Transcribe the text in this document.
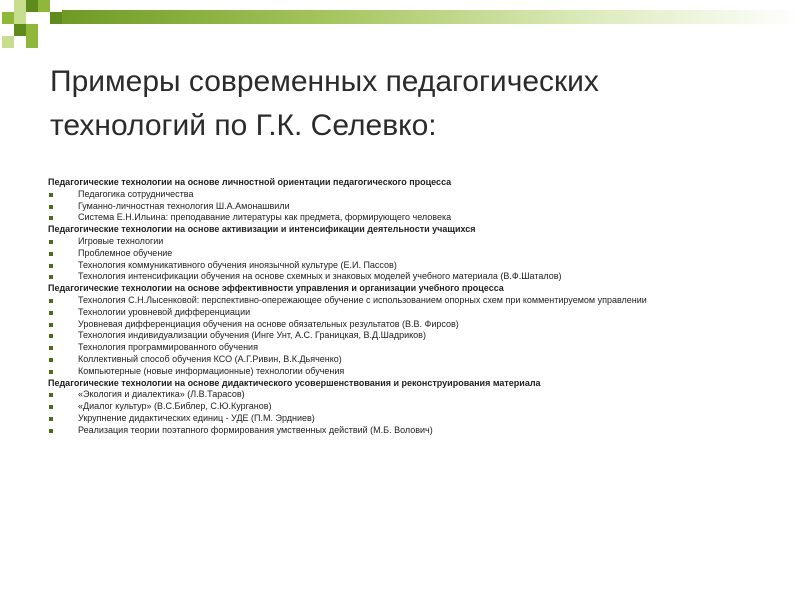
Примеры современных педагогических технологий по Г.К. Селевко:

Педагогические технологии на основе личностной ориентации педагогического процесса

Педагогика сотрудничества
Гуманно-личностная технология Ш.А.Амонашвили
Система Е.Н.Ильина: преподавание литературы как предмета, формирующего человека

Педагогические технологии на основе активизации и интенсификации деятельности учащихся

Игровые технологии
Проблемное обучение
Технология коммуникативного обучения иноязычной культуре (Е.И. Пассов)
Технология интенсификации обучения на основе схемных и знаковых моделей учебного материала (В.Ф.Шаталов)

Педагогические технологии на основе эффективности управления и организации учебного процесса

Технология С.Н.Лысенковой: перспективно-опережающее обучение с использованием опорных схем при комментируемом управлении
Технологии уровневой дифференциации
Уровневая дифференциация обучения на основе обязательных результатов (В.В. Фирсов)
Технология индивидуализации обучения (Инге Унт, А.С. Границкая, В.Д.Шадриков)
Технология программированного обучения
Коллективный способ обучения КСО (А.Г.Ривин, В.К.Дьяченко)
Компьютерные (новые информационные) технологии обучения

Педагогические технологии на основе дидактического усовершенствования и реконструирования материала

«Экология и диалектика» (Л.В.Тарасов)
«Диалог культур» (В.С.Библер, С.Ю.Курганов)
Укрупнение дидактических единиц - УДЕ (П.М. Эрдниев)
Реализация теории поэтапного формирования умственных действий (М.Б. Волович)
